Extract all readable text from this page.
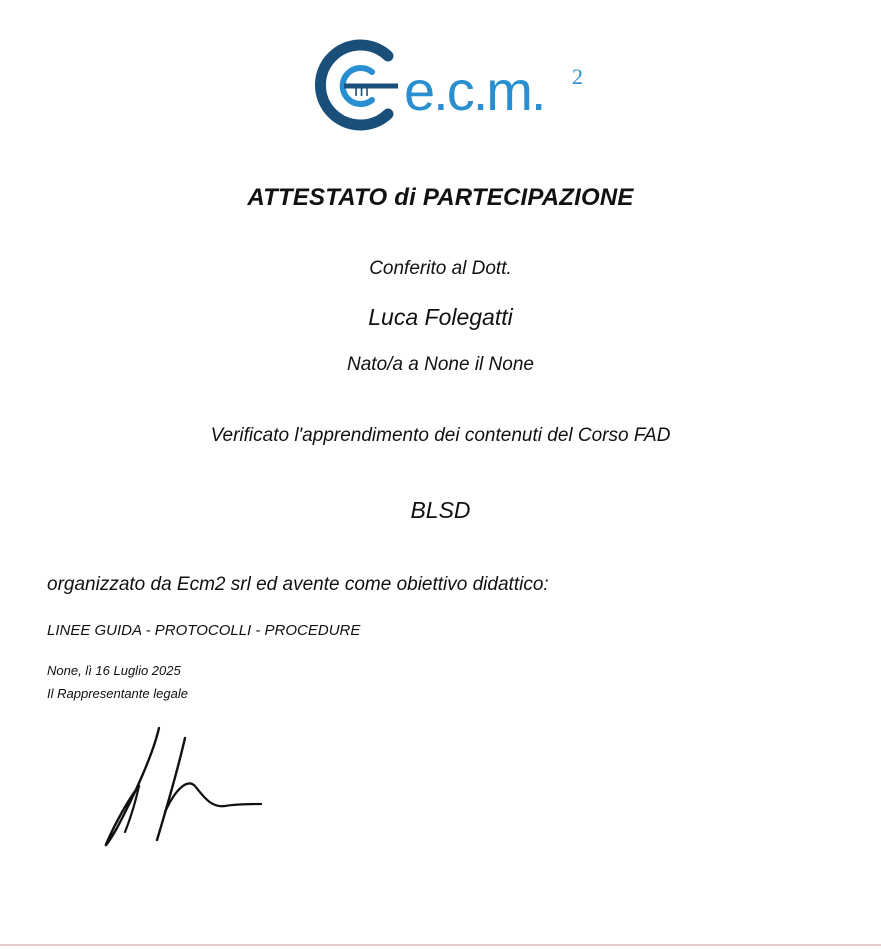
m e.c.m. 2
ATTESTATO di PARTECIPAZIONE
Conferito al Dott.
Luca Folegatti
Nato/a a None il None
Verificato l'apprendimento dei contenuti del Corso FAD
BLSD
organizzato da Ecm2 srl ed avente come obiettivo didattico:
LINEE GUIDA - PROTOCOLLI - PROCEDURE
None, lì 16 Luglio 2025
Il Rappresentante legale
